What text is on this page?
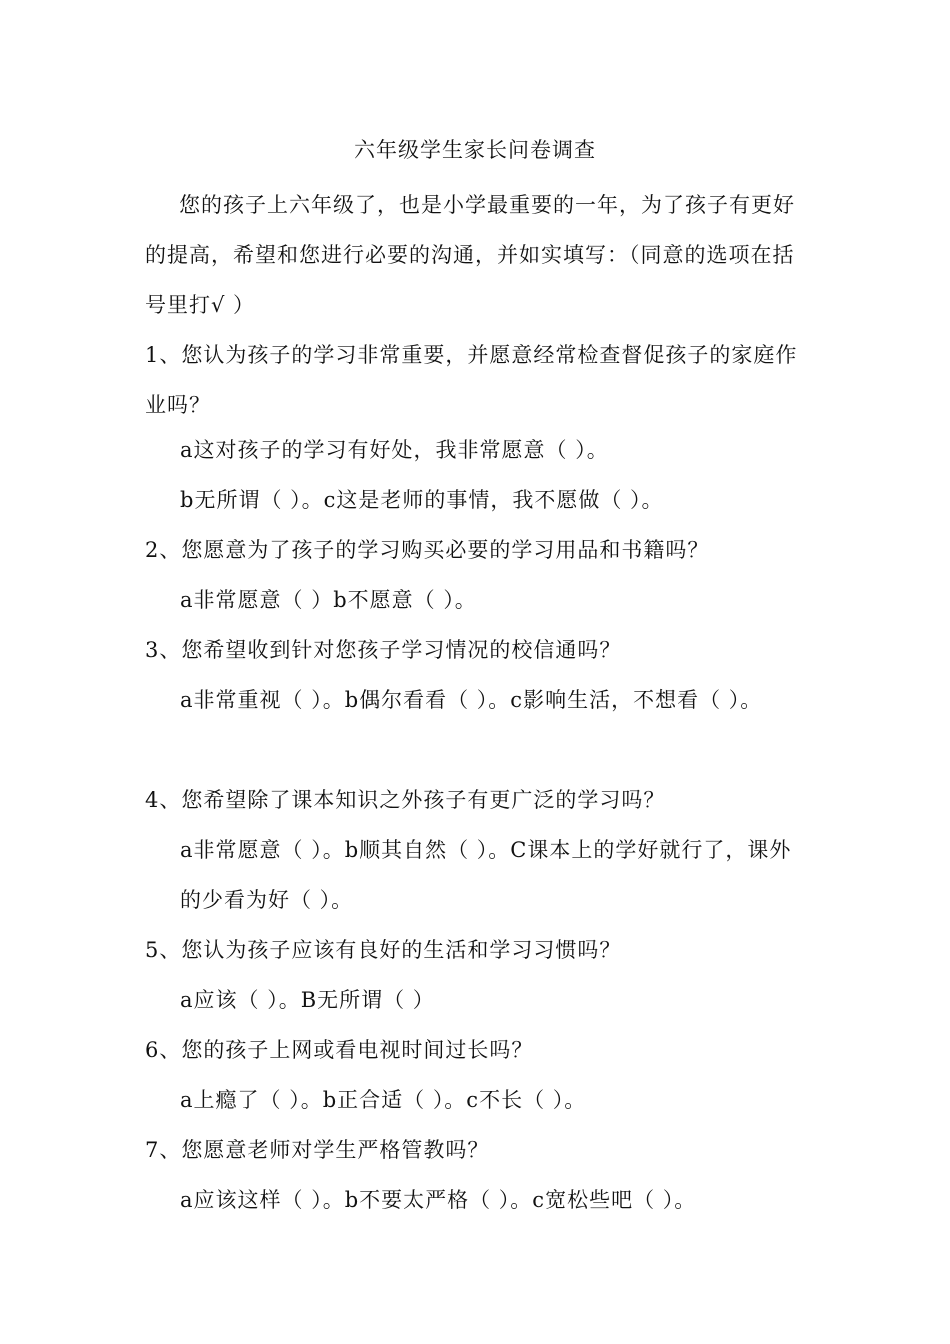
六年级学生家长问卷调查
您的孩子上六年级了，也是小学最重要的一年，为了孩子有更好的提高，希望和您进行必要的沟通，并如实填写：（同意的选项在括号里打√ ）
1、您认为孩子的学习非常重要，并愿意经常检查督促孩子的家庭作业吗？
a这对孩子的学习有好处，我非常愿意（ ）。
b无所谓（ ）。c这是老师的事情，我不愿做（ ）。
2、您愿意为了孩子的学习购买必要的学习用品和书籍吗？
a非常愿意（ ）b不愿意（ ）。
3、您希望收到针对您孩子学习情况的校信通吗？
a非常重视（ ）。b偶尔看看（ ）。c影响生活，不想看（ ）。
4、您希望除了课本知识之外孩子有更广泛的学习吗？
a非常愿意（ ）。b顺其自然（ ）。C课本上的学好就行了，课外的少看为好（ ）。
5、您认为孩子应该有良好的生活和学习习惯吗？
a应该（ ）。B无所谓（ ）
6、您的孩子上网或看电视时间过长吗？
a上瘾了（ ）。b正合适（ ）。c不长（ ）。
7、您愿意老师对学生严格管教吗？
a应该这样（ ）。b不要太严格（ ）。c宽松些吧（ ）。
